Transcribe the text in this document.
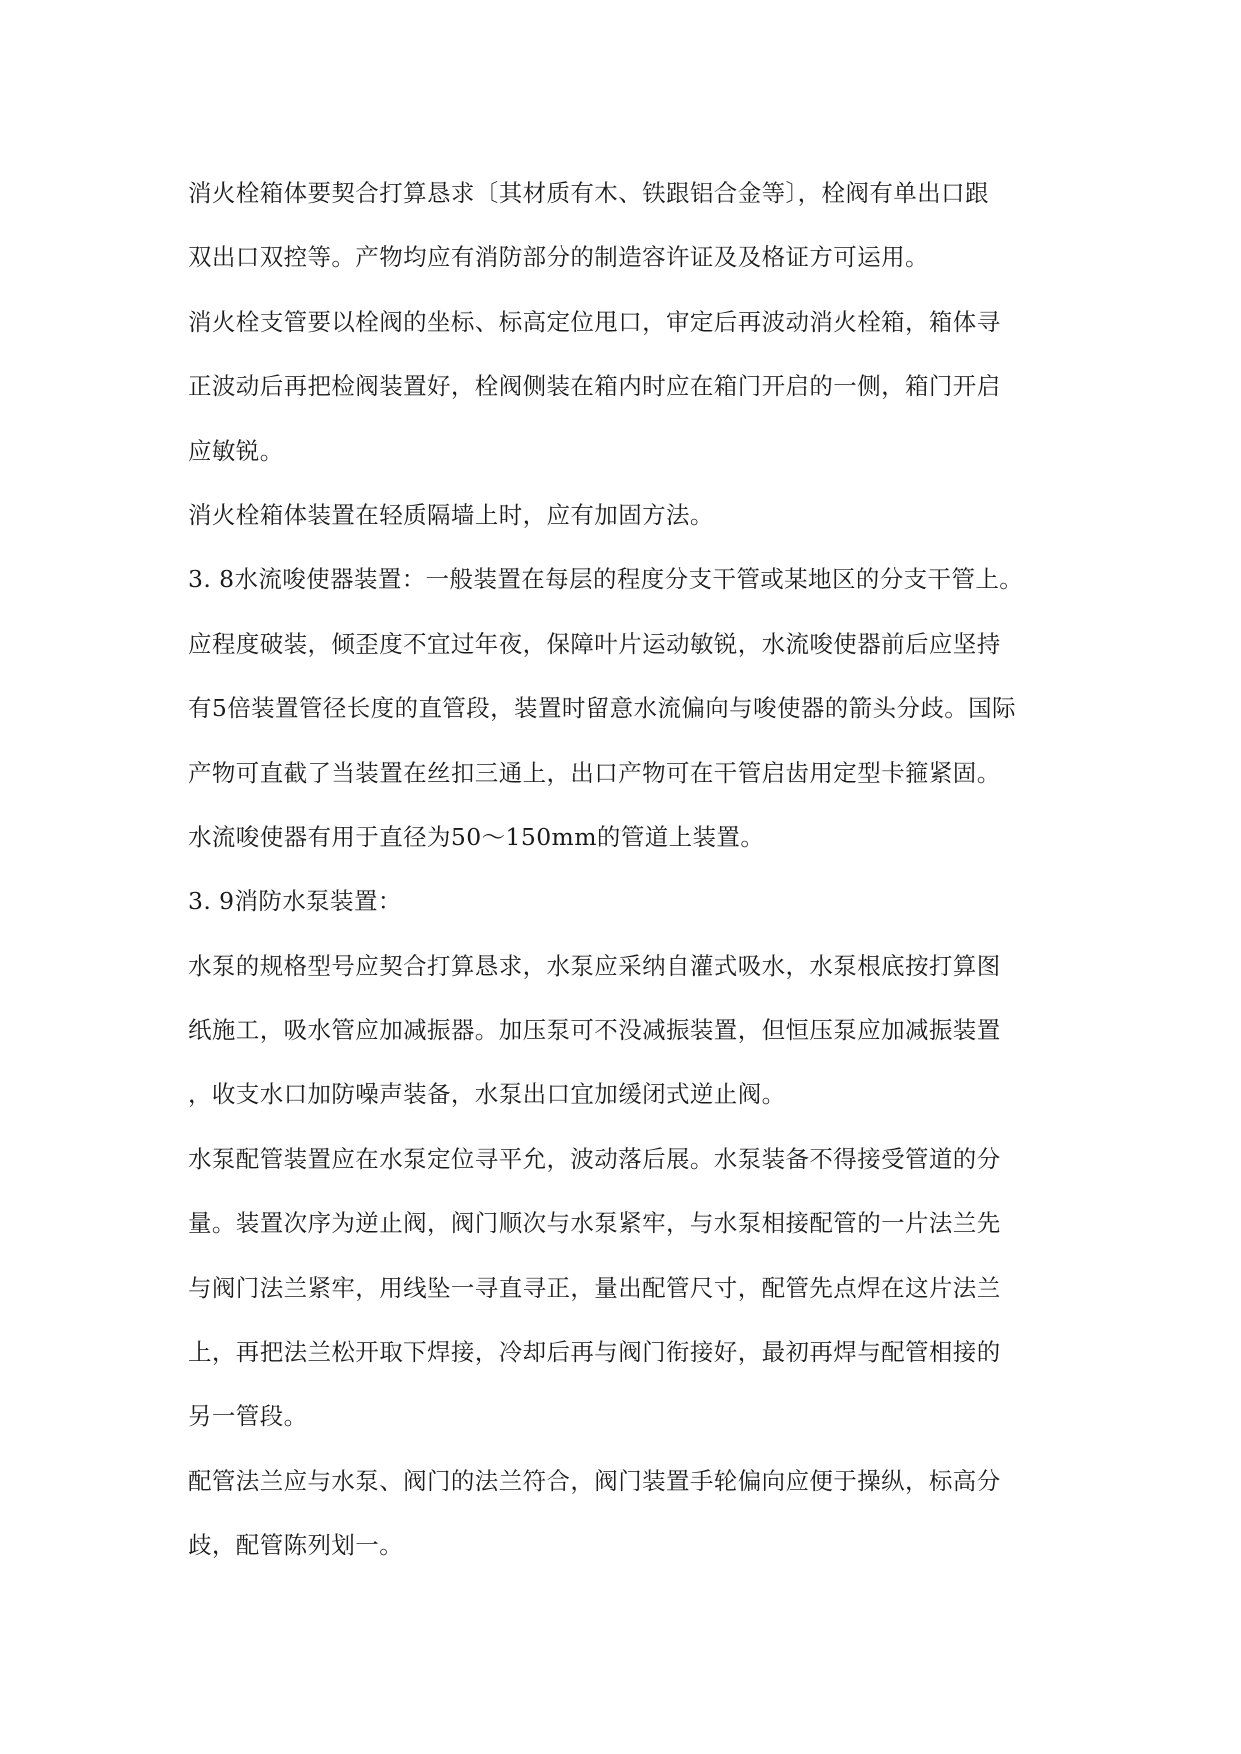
消火栓箱体要契合打算恳求〔其材质有木、铁跟铝合金等〕，栓阀有单出口跟
双出口双控等。产物均应有消防部分的制造容许证及及格证方可运用。
消火栓支管要以栓阀的坐标、标高定位甩口，审定后再波动消火栓箱，箱体寻
正波动后再把检阀装置好，栓阀侧装在箱内时应在箱门开启的一侧，箱门开启
应敏锐。
消火栓箱体装置在轻质隔墙上时，应有加固方法。
3. 8水流唆使器装置：一般装置在每层的程度分支干管或某地区的分支干管上。
应程度破装，倾歪度不宜过年夜，保障叶片运动敏锐，水流唆使器前后应坚持
有5倍装置管径长度的直管段，装置时留意水流偏向与唆使器的箭头分歧。国际
产物可直截了当装置在丝扣三通上，出口产物可在干管启齿用定型卡箍紧固。
水流唆使器有用于直径为50～150mm的管道上装置。
3. 9消防水泵装置：
水泵的规格型号应契合打算恳求，水泵应采纳自灌式吸水，水泵根底按打算图
纸施工，吸水管应加减振器。加压泵可不没减振装置，但恒压泵应加减振装置
，收支水口加防噪声装备，水泵出口宜加缓闭式逆止阀。
水泵配管装置应在水泵定位寻平允，波动落后展。水泵装备不得接受管道的分
量。装置次序为逆止阀，阀门顺次与水泵紧牢，与水泵相接配管的一片法兰先
与阀门法兰紧牢，用线坠一寻直寻正，量出配管尺寸，配管先点焊在这片法兰
上，再把法兰松开取下焊接，冷却后再与阀门衔接好，最初再焊与配管相接的
另一管段。
配管法兰应与水泵、阀门的法兰符合，阀门装置手轮偏向应便于操纵，标高分
歧，配管陈列划一。
